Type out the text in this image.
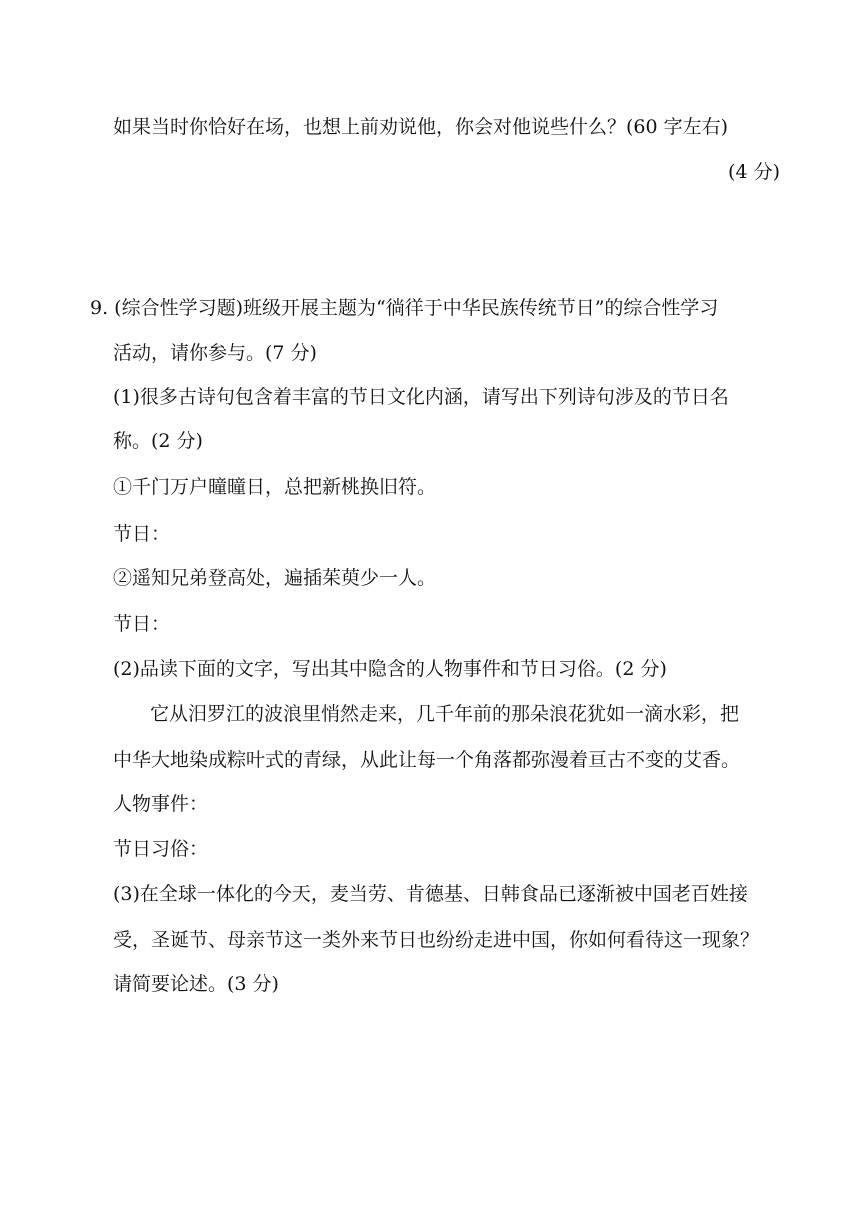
如果当时你恰好在场，也想上前劝说他，你会对他说些什么？(60 字左右)
(4 分)
9. (综合性学习题)班级开展主题为“徜徉于中华民族传统节日”的综合性学习
活动，请你参与。(7 分)
(1)很多古诗句包含着丰富的节日文化内涵，请写出下列诗句涉及的节日名
称。(2 分)
①千门万户曈曈日，总把新桃换旧符。
节日：
②遥知兄弟登高处，遍插茱萸少一人。
节日：
(2)品读下面的文字，写出其中隐含的人物事件和节日习俗。(2 分)
它从汨罗江的波浪里悄然走来，几千年前的那朵浪花犹如一滴水彩，把
中华大地染成粽叶式的青绿，从此让每一个角落都弥漫着亘古不变的艾香。
人物事件：
节日习俗：
(3)在全球一体化的今天，麦当劳、肯德基、日韩食品已逐渐被中国老百姓接
受，圣诞节、母亲节这一类外来节日也纷纷走进中国，你如何看待这一现象？
请简要论述。(3 分)
